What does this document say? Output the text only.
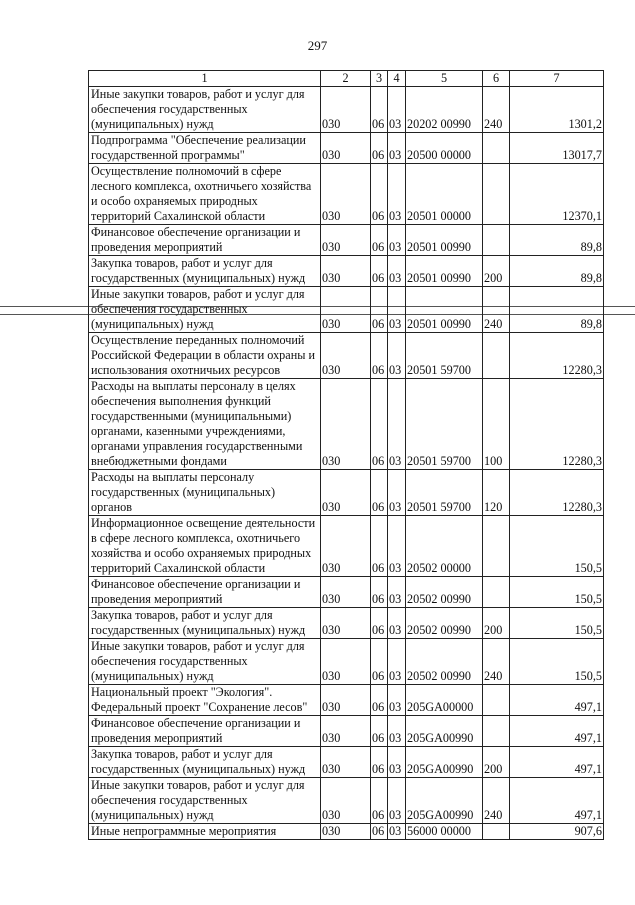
297
1	2	3	4	5	6	7
Иные закупки товаров, работ и услуг для обеспечения государственных (муниципальных) нужд	030	06	03	20202 00990	240	1301,2
Подпрограмма "Обеспечение реализации государственной программы"	030	06	03	20500 00000		13017,7
Осуществление полномочий в сфере лесного комплекса, охотничьего хозяйства и особо охраняемых природных территорий Сахалинской области	030	06	03	20501 00000		12370,1
Финансовое обеспечение организации и проведения мероприятий	030	06	03	20501 00990		89,8
Закупка товаров, работ и услуг для государственных (муниципальных) нужд	030	06	03	20501 00990	200	89,8
Иные закупки товаров, работ и услуг для обеспечения государственных (муниципальных) нужд	030	06	03	20501 00990	240	89,8
Осуществление переданных полномочий Российской Федерации в области охраны и использования охотничьих ресурсов	030	06	03	20501 59700		12280,3
Расходы на выплаты персоналу в целях обеспечения выполнения функций государственными (муниципальными) органами, казенными учреждениями, органами управления государственными внебюджетными фондами	030	06	03	20501 59700	100	12280,3
Расходы на выплаты персоналу государственных (муниципальных) органов	030	06	03	20501 59700	120	12280,3
Информационное освещение деятельности в сфере лесного комплекса, охотничьего хозяйства и особо охраняемых природных территорий Сахалинской области	030	06	03	20502 00000		150,5
Финансовое обеспечение организации и проведения мероприятий	030	06	03	20502 00990		150,5
Закупка товаров, работ и услуг для государственных (муниципальных) нужд	030	06	03	20502 00990	200	150,5
Иные закупки товаров, работ и услуг для обеспечения государственных (муниципальных) нужд	030	06	03	20502 00990	240	150,5
Национальный проект "Экология". Федеральный проект "Сохранение лесов"	030	06	03	205GA00000		497,1
Финансовое обеспечение организации и проведения мероприятий	030	06	03	205GA00990		497,1
Закупка товаров, работ и услуг для государственных (муниципальных) нужд	030	06	03	205GA00990	200	497,1
Иные закупки товаров, работ и услуг для обеспечения государственных (муниципальных) нужд	030	06	03	205GA00990	240	497,1
Иные непрограммные мероприятия	030	06	03	56000 00000		907,6
